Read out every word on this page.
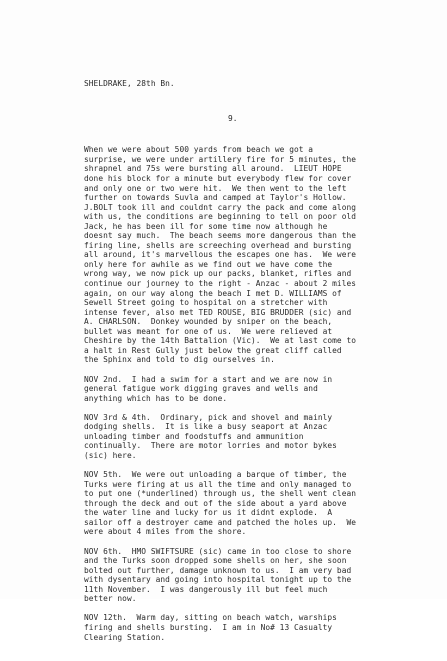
SHELDRAKE, 28th Bn.

9.

When we were about 500 yards from beach we got a
surprise, we were under artillery fire for 5 minutes, the
shrapnel and 75s were bursting all around.  LIEUT HOPE
done his block for a minute but everybody flew for cover
and only one or two were hit.  We then went to the left
further on towards Suvla and camped at Taylor's Hollow.
J.BOLT took ill and couldnt carry the pack and come along
with us, the conditions are beginning to tell on poor old
Jack, he has been ill for some time now although he
doesnt say much.  The beach seems more dangerous than the
firing line, shells are screeching overhead and bursting
all around, it's marvellous the escapes one has.  We were
only here for awhile as we find out we have come the
wrong way, we now pick up our packs, blanket, rifles and
continue our journey to the right - Anzac - about 2 miles
again, on our way along the beach I met D. WILLIAMS of
Sewell Street going to hospital on a stretcher with
intense fever, also met TED ROUSE, BIG BRUDDER (sic) and
A. CHARLSON.  Donkey wounded by sniper on the beach,
bullet was meant for one of us.  We were relieved at
Cheshire by the 14th Battalion (Vic).  We at last come to
a halt in Rest Gully just below the great cliff called
the Sphinx and told to dig ourselves in.
NOV 2nd.  I had a swim for a start and we are now in
general fatigue work digging graves and wells and
anything which has to be done.
NOV 3rd & 4th.  Ordinary, pick and shovel and mainly
dodging shells.  It is like a busy seaport at Anzac
unloading timber and foodstuffs and ammunition
continually.  There are motor lorries and motor bykes
(sic) here.
NOV 5th.  We were out unloading a barque of timber, the
Turks were firing at us all the time and only managed to
to put one (*underlined) through us, the shell went clean
through the deck and out of the side about a yard above
the water line and lucky for us it didnt explode.  A
sailor off a destroyer came and patched the holes up.  We
were about 4 miles from the shore.
NOV 6th.  HMO SWIFTSURE (sic) came in too close to shore
and the Turks soon dropped some shells on her, she soon
bolted out further, damage unknown to us.  I am very bad
with dysentary and going into hospital tonight up to the
11th November.  I was dangerously ill but feel much
better now.
NOV 12th.  Warm day, sitting on beach watch, warships
firing and shells bursting.  I am in No# 13 Casualty
Clearing Station.
